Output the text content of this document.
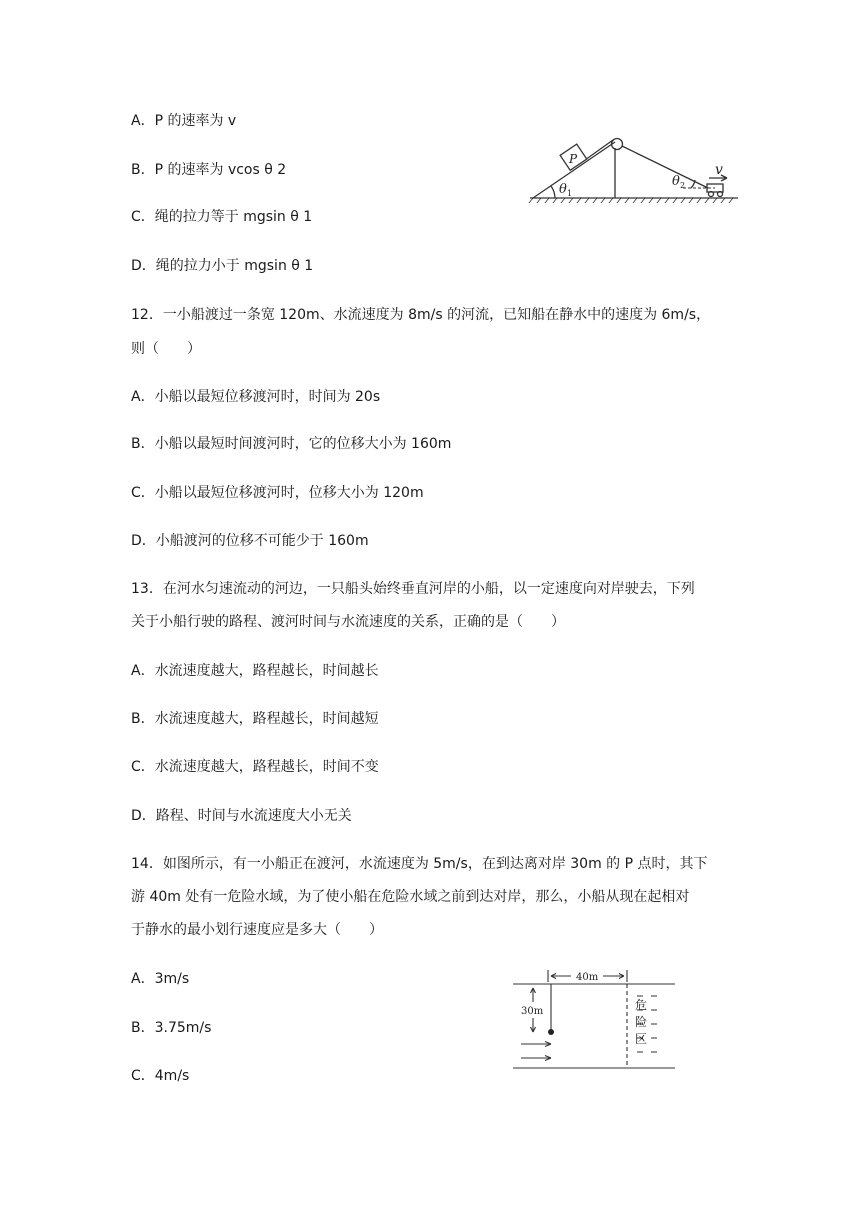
A．P 的速率为 v
B．P 的速率为 vcos θ 2
C．绳的拉力等于 mgsin θ 1
D．绳的拉力小于 mgsin θ 1
P
θ 1
θ 2
v
12．一小船渡过一条宽 120m、水流速度为 8m/s 的河流，已知船在静水中的速度为 6m/s，
则（　　）
A．小船以最短位移渡河时，时间为 20s
B．小船以最短时间渡河时，它的位移大小为 160m
C．小船以最短位移渡河时，位移大小为 120m
D．小船渡河的位移不可能少于 160m
13．在河水匀速流动的河边，一只船头始终垂直河岸的小船，以一定速度向对岸驶去，下列
关于小船行驶的路程、渡河时间与水流速度的关系，正确的是（　　）
A．水流速度越大，路程越长，时间越长
B．水流速度越大，路程越长，时间越短
C．水流速度越大，路程越长，时间不变
D．路程、时间与水流速度大小无关
14．如图所示，有一小船正在渡河，水流速度为 5m/s，在到达离对岸 30m 的 P 点时，其下
游 40m 处有一危险水域，为了使小船在危险水域之前到达对岸，那么，小船从现在起相对
于静水的最小划行速度应是多大（　　）
A．3m/s
B．3.75m/s
C．4m/s
40m
30m	危
险
区
